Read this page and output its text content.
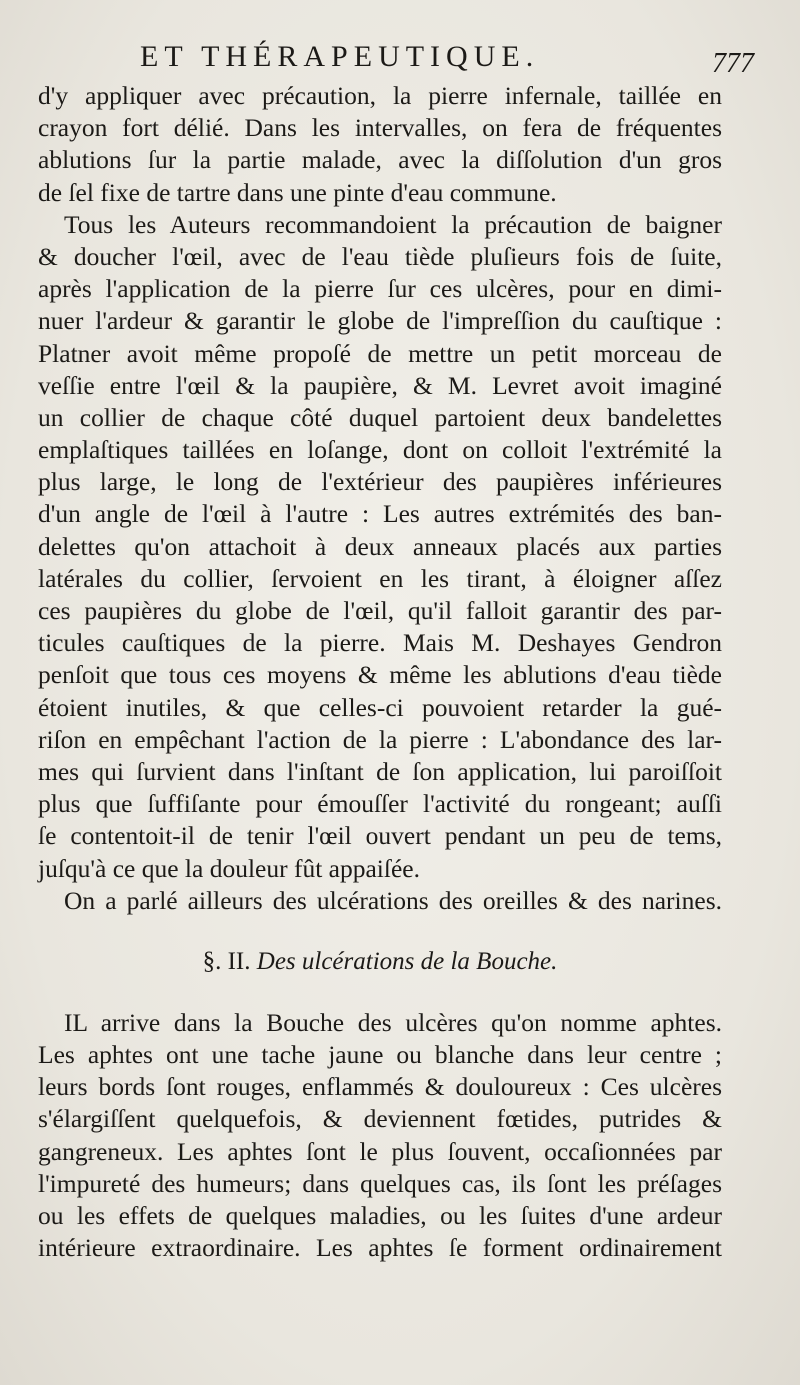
ET THÉRAPEUTIQUE.	777

d'y appliquer avec précaution, la pierre infernale, taillée en
crayon fort délié. Dans les intervalles, on fera de fréquentes
ablutions ſur la partie malade, avec la diſſolution d'un gros
de ſel fixe de tartre dans une pinte d'eau commune.

Tous les Auteurs recommandoient la précaution de baigner
& doucher l'œil, avec de l'eau tiède pluſieurs fois de ſuite,
après l'application de la pierre ſur ces ulcères, pour en dimi-
nuer l'ardeur & garantir le globe de l'impreſſion du cauſtique :
Platner avoit même propoſé de mettre un petit morceau de
veſſie entre l'œil & la paupière, & M. Levret avoit imaginé
un collier de chaque côté duquel partoient deux bandelettes
emplaſtiques taillées en loſange, dont on colloit l'extrémité la
plus large, le long de l'extérieur des paupières inférieures
d'un angle de l'œil à l'autre : Les autres extrémités des ban-
delettes qu'on attachoit à deux anneaux placés aux parties
latérales du collier, ſervoient en les tirant, à éloigner aſſez
ces paupières du globe de l'œil, qu'il falloit garantir des par-
ticules cauſtiques de la pierre. Mais M. Deshayes Gendron
penſoit que tous ces moyens & même les ablutions d'eau tiède
étoient inutiles, & que celles-ci pouvoient retarder la gué-
riſon en empêchant l'action de la pierre : L'abondance des lar-
mes qui ſurvient dans l'inſtant de ſon application, lui paroiſſoit
plus que ſuffiſante pour émouſſer l'activité du rongeant; auſſi
ſe contentoit-il de tenir l'œil ouvert pendant un peu de tems,
juſqu'à ce que la douleur fût appaiſée.

On a parlé ailleurs des ulcérations des oreilles & des narines.

§. II. Des ulcérations de la Bouche.

IL arrive dans la Bouche des ulcères qu'on nomme aphtes.
Les aphtes ont une tache jaune ou blanche dans leur centre ;
leurs bords ſont rouges, enflammés & douloureux : Ces ulcères
s'élargiſſent quelquefois, & deviennent fœtides, putrides &
gangreneux. Les aphtes ſont le plus ſouvent, occaſionnées par
l'impureté des humeurs; dans quelques cas, ils ſont les préſages
ou les effets de quelques maladies, ou les ſuites d'une ardeur
intérieure extraordinaire. Les aphtes ſe forment ordinairement
